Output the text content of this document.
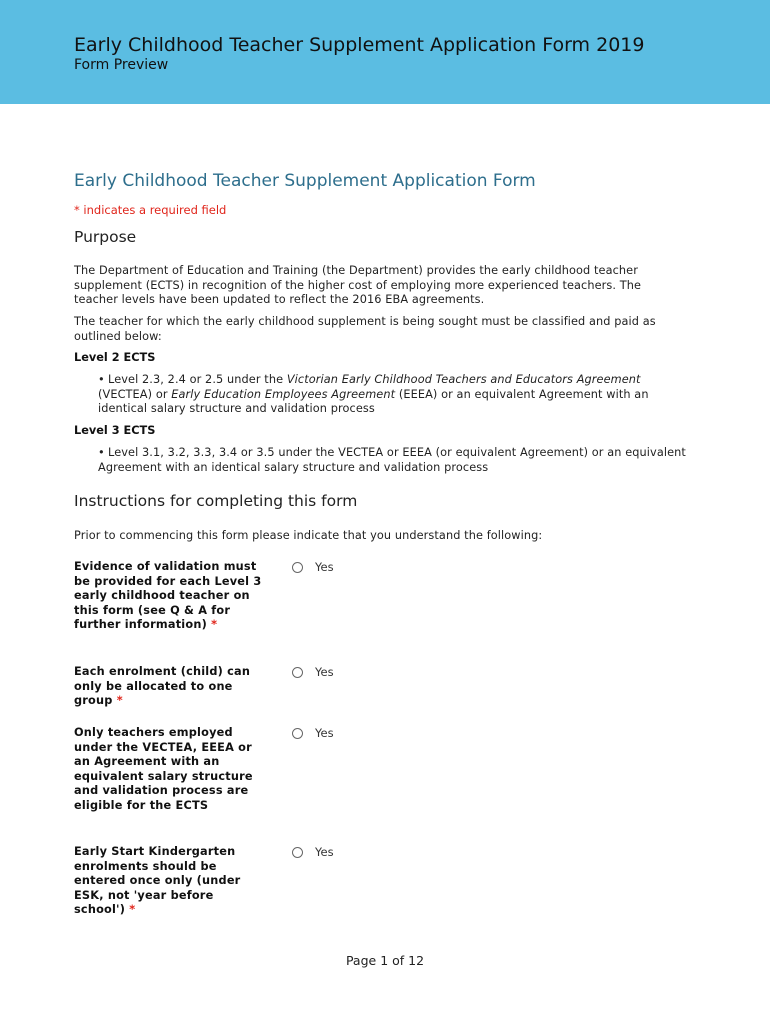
Early Childhood Teacher Supplement Application Form 2019
Form Preview
Early Childhood Teacher Supplement Application Form
* indicates a required field
Purpose
The Department of Education and Training (the Department) provides the early childhood teacher supplement (ECTS) in recognition of the higher cost of employing more experienced teachers. The teacher levels have been updated to reflect the 2016 EBA agreements.
The teacher for which the early childhood supplement is being sought must be classified and paid as outlined below:
Level 2 ECTS
• Level 2.3, 2.4 or 2.5 under the Victorian Early Childhood Teachers and Educators Agreement (VECTEA) or Early Education Employees Agreement (EEEA) or an equivalent Agreement with an identical salary structure and validation process
Level 3 ECTS
• Level 3.1, 3.2, 3.3, 3.4 or 3.5 under the VECTEA or EEEA (or equivalent Agreement) or an equivalent Agreement with an identical salary structure and validation process
Instructions for completing this form
Prior to commencing this form please indicate that you understand the following:
Evidence of validation must be provided for each Level 3 early childhood teacher on this form (see Q & A for further information) *
Yes
Each enrolment (child) can only be allocated to one group *
Yes
Only teachers employed under the VECTEA, EEEA or an Agreement with an equivalent salary structure and validation process are eligible for the ECTS
Yes
Early Start Kindergarten enrolments should be entered once only (under ESK, not 'year before school') *
Yes
Page 1 of 12
